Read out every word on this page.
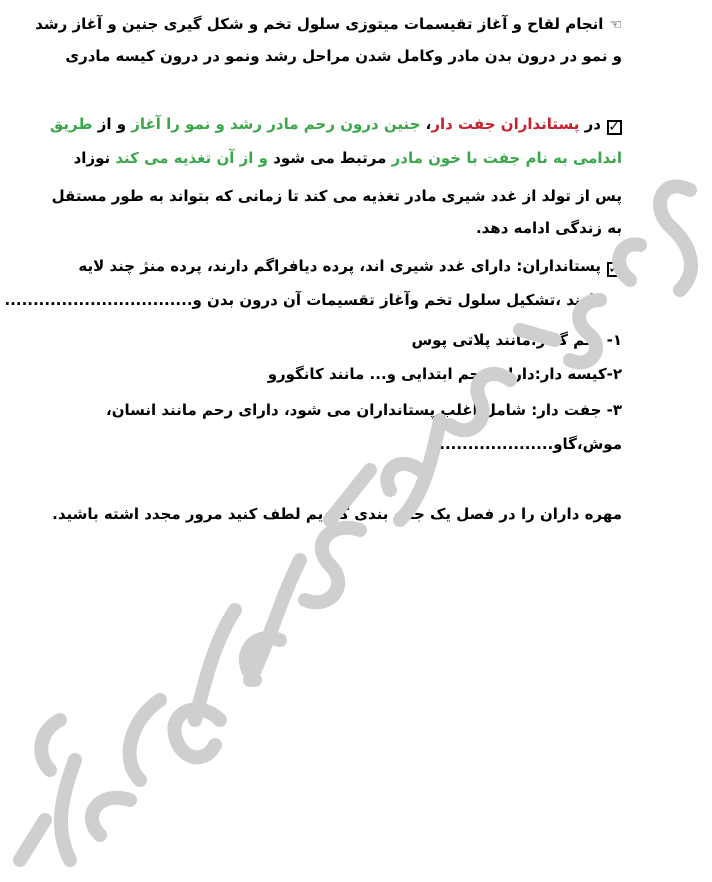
☜انجام لقاح و آغاز تقیسمات میتوزی سلول تخم و شکل گیری جنین و آغاز رشد
و نمو در درون بدن مادر وکامل شدن مراحل رشد ونمو در درون کیسه مادری
✓در پستانداران جفت دار، جنین درون رحم مادر رشد و نمو را آغاز و از طریق
اندامی به نام جفت با خون مادر مرتبط می شود و از آن تغذیه می کند نوزاد
پس از تولد از غدد شیری مادر تغذیه می کند تا زمانی که بتواند به طور مستقل
به زندگی ادامه دهد.
✓پستانداران: دارای غدد شیری اند، پرده دیافراگم دارند، پرده منژ چند لایه
دارند ،تشکیل سلول تخم وآغاز تقسیمات آن درون بدن و.................................
۱- تخم گذار:مانند پلاتی پوس
۲-کیسه دار:دارای رحم ابتدایی و... مانند کانگورو
۳- جفت دار: شامل اغلب پستانداران می شود، دارای رحم مانند انسان،
موش،گاو......................
مهره داران را در فصل یک جمع بندی کردیم لطف کنید مرور مجدد اشته باشید.
